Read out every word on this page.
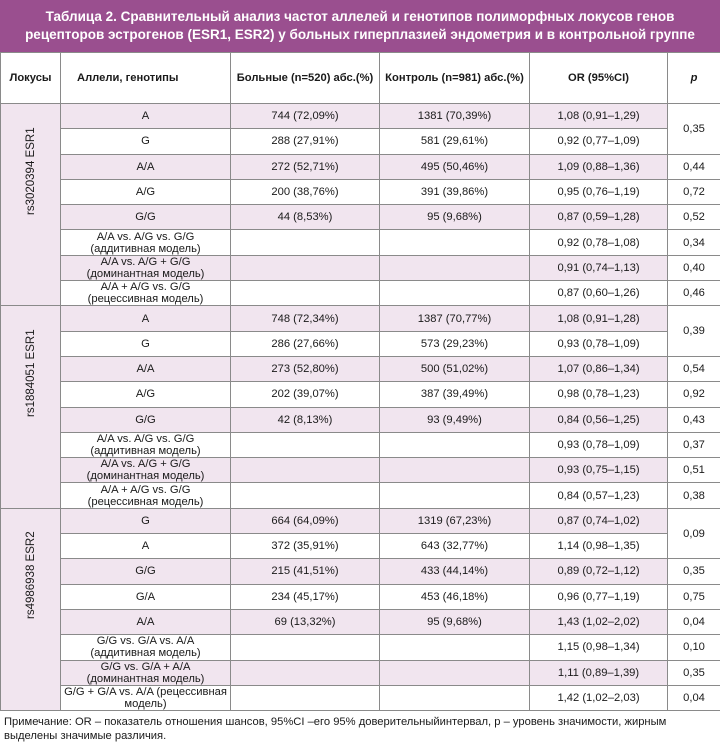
Таблица 2. Сравнительный анализ частот аллелей и генотипов полиморфных локусов генов рецепторов эстрогенов (ESR1, ESR2) у больных гиперплазией эндометрия и в контрольной группе
Локусы	Аллели, генотипы	Больные (n=520) абс.(%)	Контроль (n=981) абс.(%)	OR (95%CI)	p

rs3020394 ESR1	A	744 (72,09%)	1381 (70,39%)	1,08 (0,91–1,29)	0,35
	G	288 (27,91%)	581 (29,61%)	0,92 (0,77–1,09)	
	A/A	272 (52,71%)	495 (50,46%)	1,09 (0,88–1,36)	0,44
	A/G	200 (38,76%)	391 (39,86%)	0,95 (0,76–1,19)	0,72
	G/G	44 (8,53%)	95 (9,68%)	0,87 (0,59–1,28)	0,52
	A/A vs. A/G vs. G/G (аддитивная модель)			0,92 (0,78–1,08)	0,34
	A/A vs. A/G + G/G (доминантная модель)			0,91 (0,74–1,13)	0,40
	A/A + A/G vs. G/G (рецессивная модель)			0,87 (0,60–1,26)	0,46

rs1884051 ESR1	A	748 (72,34%)	1387 (70,77%)	1,08 (0,91–1,28)	0,39
	G	286 (27,66%)	573 (29,23%)	0,93 (0,78–1,09)	
	A/A	273 (52,80%)	500 (51,02%)	1,07 (0,86–1,34)	0,54
	A/G	202 (39,07%)	387 (39,49%)	0,98 (0,78–1,23)	0,92
	G/G	42 (8,13%)	93 (9,49%)	0,84 (0,56–1,25)	0,43
	A/A vs. A/G vs. G/G (аддитивная модель)			0,93 (0,78–1,09)	0,37
	A/A vs. A/G + G/G (доминантная модель)			0,93 (0,75–1,15)	0,51
	A/A + A/G vs. G/G (рецессивная модель)			0,84 (0,57–1,23)	0,38

rs4986938 ESR2	G	664 (64,09%)	1319 (67,23%)	0,87 (0,74–1,02)	0,09
	A	372 (35,91%)	643 (32,77%)	1,14 (0,98–1,35)	
	G/G	215 (41,51%)	433 (44,14%)	0,89 (0,72–1,12)	0,35
	G/A	234 (45,17%)	453 (46,18%)	0,96 (0,77–1,19)	0,75
	A/A	69 (13,32%)	95 (9,68%)	1,43 (1,02–2,02)	0,04
	G/G vs. G/A vs. A/A (аддитивная модель)			1,15 (0,98–1,34)	0,10
	G/G vs. G/A + A/A (доминантная модель)			1,11 (0,89–1,39)	0,35
	G/G + G/A vs. A/A (рецессивная модель)			1,42 (1,02–2,03)	0,04
Примечание: OR – показатель отношения шансов, 95%CI –его 95% доверительныйинтервал, p – уровень значимости, жирным выделены значимые различия.
